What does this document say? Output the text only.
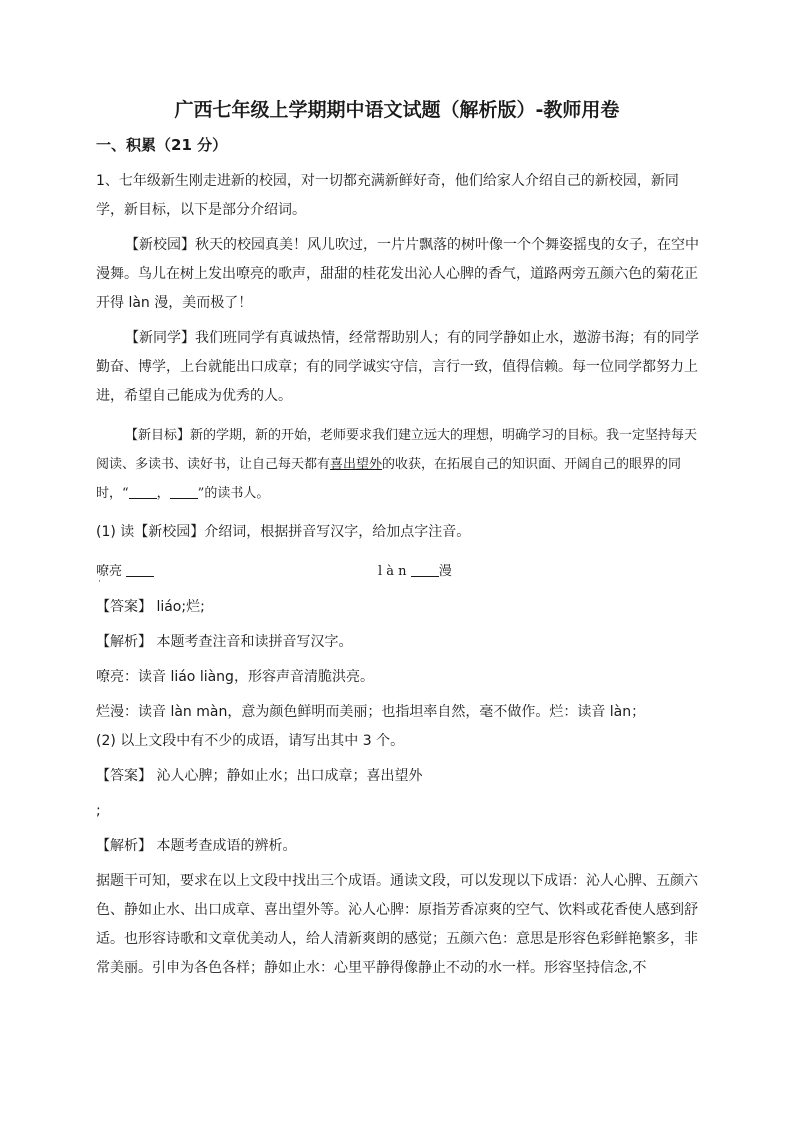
广西七年级上学期期中语文试题（解析版）-教师用卷
一、积累（21 分）

1、七年级新生刚走进新的校园，对一切都充满新鲜好奇，他们给家人介绍自己的新校园，新同学，新目标，以下是部分介绍词。

【新校园】秋天的校园真美！风儿吹过，一片片飘落的树叶像一个个舞姿摇曳的女子，在空中漫舞。鸟儿在树上发出嘹亮的歌声，甜甜的桂花发出沁人心脾的香气，道路两旁五颜六色的菊花正开得 làn 漫，美而极了！

【新同学】我们班同学有真诚热情，经常帮助别人；有的同学静如止水，遨游书海；有的同学勤奋、博学，上台就能出口成章；有的同学诚实守信，言行一致，值得信赖。每一位同学都努力上进，希望自己能成为优秀的人。

【新目标】新的学期，新的开始，老师要求我们建立远大的理想，明确学习的目标。我一定坚持每天阅读、多读书、读好书，让自己每天都有喜出望外的收获，在拓展自己的知识面、开阔自己的眼界的同时，“ ， ”的读书人。

(1) 读【新校园】介绍词，根据拼音写汉字，给加点字注音。

嘹亮
·
l à n 漫

【答案】 liáo;烂;

【解析】 本题考查注音和读拼音写汉字。

嘹亮：读音 liáo liàng，形容声音清脆洪亮。

烂漫：读音 làn màn，意为颜色鲜明而美丽；也指坦率自然，毫不做作。烂：读音 làn；

(2) 以上文段中有不少的成语，请写出其中 3 个。

【答案】 沁人心脾；静如止水；出口成章；喜出望外

;

【解析】 本题考查成语的辨析。

据题干可知，要求在以上文段中找出三个成语。通读文段，可以发现以下成语：沁人心脾、五颜六色、静如止水、出口成章、喜出望外等。沁人心脾：原指芳香凉爽的空气、饮料或花香使人感到舒适。也形容诗歌和文章优美动人，给人清新爽朗的感觉；五颜六色：意思是形容色彩鲜艳繁多，非常美丽。引申为各色各样；静如止水：心里平静得像静止不动的水一样。形容坚持信念,不
